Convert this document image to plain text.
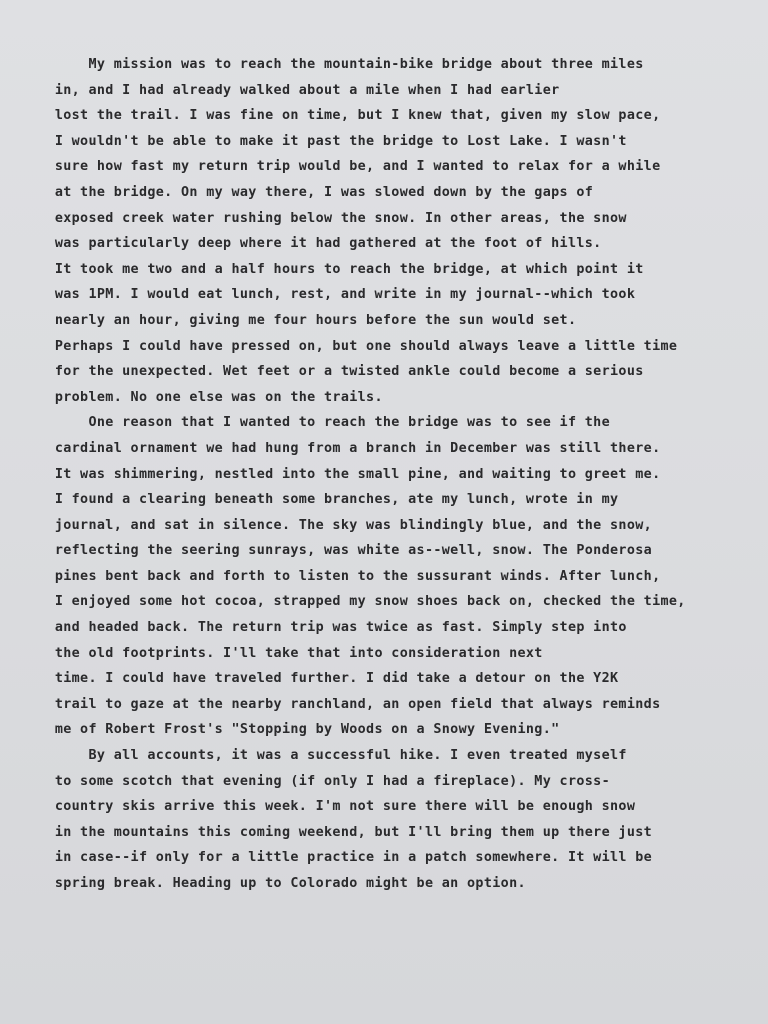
My mission was to reach the mountain-bike bridge about three miles
in, and I had already walked about a mile when I had earlier
lost the trail. I was fine on time, but I knew that, given my slow pace,
I wouldn't be able to make it past the bridge to Lost Lake. I wasn't
sure how fast my return trip would be, and I wanted to relax for a while
at the bridge. On my way there, I was slowed down by the gaps of
exposed creek water rushing below the snow. In other areas, the snow
was particularly deep where it had gathered at the foot of hills.
It took me two and a half hours to reach the bridge, at which point it
was 1PM. I would eat lunch, rest, and write in my journal--which took
nearly an hour, giving me four hours before the sun would set.
Perhaps I could have pressed on, but one should always leave a little time
for the unexpected. Wet feet or a twisted ankle could become a serious
problem. No one else was on the trails.
One reason that I wanted to reach the bridge was to see if the
cardinal ornament we had hung from a branch in December was still there.
It was shimmering, nestled into the small pine, and waiting to greet me.
I found a clearing beneath some branches, ate my lunch, wrote in my
journal, and sat in silence. The sky was blindingly blue, and the snow,
reflecting the seering sunrays, was white as--well, snow. The Ponderosa
pines bent back and forth to listen to the sussurant winds. After lunch,
I enjoyed some hot cocoa, strapped my snow shoes back on, checked the time,
and headed back. The return trip was twice as fast. Simply step into
the old footprints. I'll take that into consideration next
time. I could have traveled further. I did take a detour on the Y2K
trail to gaze at the nearby ranchland, an open field that always reminds
me of Robert Frost's "Stopping by Woods on a Snowy Evening."
By all accounts, it was a successful hike. I even treated myself
to some scotch that evening (if only I had a fireplace). My cross-
country skis arrive this week. I'm not sure there will be enough snow
in the mountains this coming weekend, but I'll bring them up there just
in case--if only for a little practice in a patch somewhere. It will be
spring break. Heading up to Colorado might be an option.
